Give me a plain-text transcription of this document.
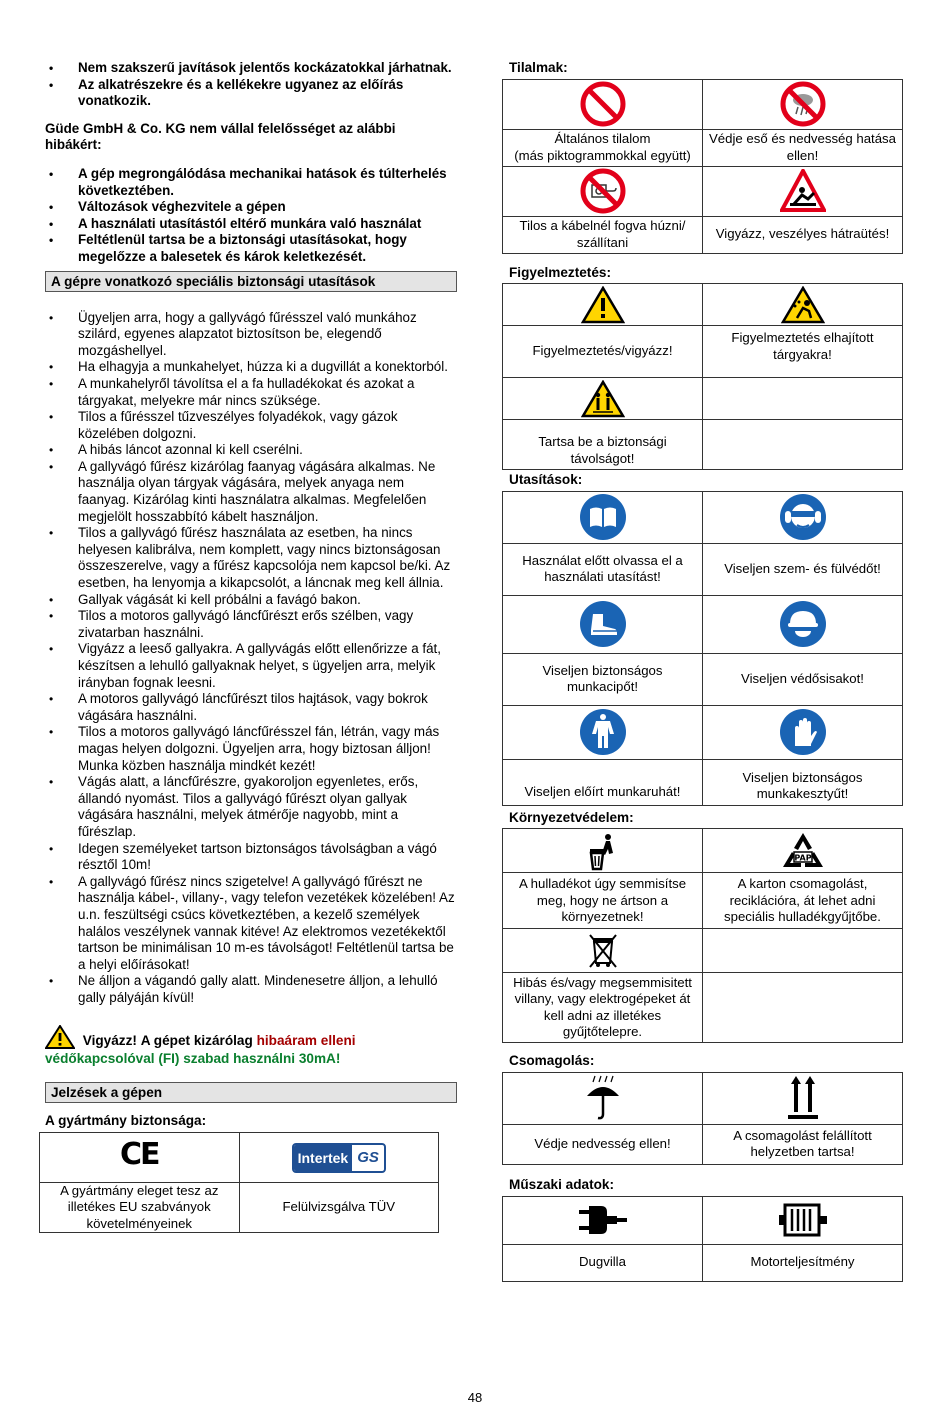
• Nem szakszerű javítások jelentős kockázatokkal járhatnak.
• Az alkatrészekre és a kellékekre ugyanez az előírás vonatkozik.

Güde GmbH & Co. KG nem vállal felelősséget az alábbi hibákért:

• A gép megrongálódása mechanikai hatások és túlterhelés következtében.
• Változások véghezvitele a gépen
• A használati utasítástól eltérő munkára való használat
• Feltétlenül tartsa be a biztonsági utasításokat, hogy megelőzze a balesetek és károk keletkezését.
A gépre vonatkozó speciális biztonsági utasítások
• Ügyeljen arra, hogy a gallyvágó fűrésszel való munkához szilárd, egyenes alapzatot biztosítson be, elegendő mozgáshellyel.
• Ha elhagyja a munkahelyet, húzza ki a dugvillát a konektorból.
• A munkahelyről távolítsa el a fa hulladékokat és azokat a tárgyakat, melyekre már nincs szüksége.
• Tilos a fűrésszel tűzveszélyes folyadékok, vagy gázok közelében dolgozni.
• A hibás láncot azonnal ki kell cserélni.
• A gallyvágó fűrész kizárólag faanyag vágására alkalmas. Ne használja olyan tárgyak vágására, melyek anyaga nem faanyag. Kizárólag kinti használatra alkalmas. Megfelelően megjelölt hosszabbító kábelt használjon.
• Tilos a gallyvágó fűrész használata az esetben, ha nincs helyesen kalibrálva, nem komplett, vagy nincs biztonságosan összeszerelve, vagy a fűrész kapcsolója nem kapcsol be/ki. Az esetben, ha lenyomja a kikapcsolót, a láncnak meg kell állnia.
• Gallyak vágását ki kell próbálni a favágó bakon.
• Tilos a motoros gallyvágó láncfűrészt erős szélben, vagy zivatarban használni.
• Vigyázz a leeső gallyakra. A gallyvágás előtt ellenőrizze a fát, készítsen a lehulló gallyaknak helyet, s ügyeljen arra, melyik irányban fognak leesni.
• A motoros gallyvágó láncfűrészt tilos hajtások, vagy bokrok vágására használni.
• Tilos a motoros gallyvágó láncfűrésszel fán, létrán, vagy más magas helyen dolgozni. Ügyeljen arra, hogy biztosan álljon! Munka közben használja mindkét kezét!
• Vágás alatt, a láncfűrészre, gyakoroljon egyenletes, erős, állandó nyomást. Tilos a gallyvágó fűrészt olyan gallyak vágására használni, melyek átmérője nagyobb, mint a fűrészlap.
• Idegen személyeket tartson biztonságos távolságban a vágó résztől 10m!
• A gallyvágó fűrész nincs szigetelve! A gallyvágó fűrészt ne használja kábel-, villany-, vagy telefon vezetékek közelében! Az u.n. feszültségi csúcs következtében, a kezelő személyek halálos veszélynek vannak kitéve! Az elektromos vezetékektől tartson be minimálisan 10 m-es távolságot! Feltétlenül tartsa be a helyi előírásokat!
• Ne álljon a vágandó gally alatt. Mindenesetre álljon, a lehulló gally pályáján kívül!
Vigyázz! A gépet kizárólag hibaáram elleni
védőkapcsolóval (FI) szabad használni 30mA!
Jelzések a gépen
A gyártmány biztonsága:
CE	Intertek GS

A gyártmány eleget tesz az illetékes EU szabványok követelményeinek	Felülvizsgálva TÜV
Tilalmak:

Általános tilalom
(más piktogrammokkal együtt)	Védje eső és nedvesség hatása ellen!

Tilos a kábelnél fogva húzni/ szállítani	Vigyázz, veszélyes hátraütés!
Figyelmeztetés:

Figyelmeztetés/vigyázz!	Figyelmeztetés elhajított tárgyakra!

Tartsa be a biztonsági távolságot!	
Utasítások:

Használat előtt olvassa el a használati utasítást!	Viseljen szem- és fülvédőt!

Viseljen biztonságos munkacipőt!	Viseljen védősisakot!

Viseljen előírt munkaruhát!	Viseljen biztonságos munkakesztyűt!
Környezetvédelem:

PAP

A hulladékot úgy semmisítse meg, hogy ne ártson a környezetnek!	A karton csomagolást, reciklációra, át lehet adni speciális hulladékgyűjtőbe.

Hibás és/vagy megsemmisitett villany, vagy elektrogépeket át kell adni az illetékes gyűjtőtelepre.	
Csomagolás:

Védje nedvesség ellen!	A csomagolást felállított helyzetben tartsa!
Műszaki adatok:

Dugvilla	Motorteljesítmény
48
